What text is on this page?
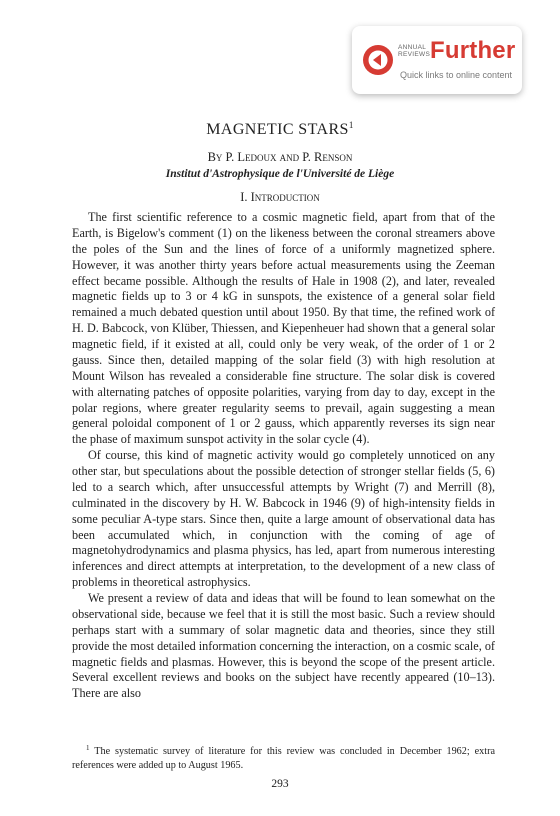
ANNUAL
REVIEWS Further
Quick links to online content
MAGNETIC STARS$^1$
By P. Ledoux and P. Renson
Institut d'Astrophysique de l'Université de Liège
I. Introduction

The first scientific reference to a cosmic magnetic field, apart from that of the Earth, is Bigelow's comment (1) on the likeness between the coronal streamers above the poles of the Sun and the lines of force of a uniformly magnetized sphere. However, it was another thirty years before actual measurements using the Zeeman effect became possible. Although the results of Hale in 1908 (2), and later, revealed magnetic fields up to 3 or 4 kG in sunspots, the existence of a general solar field remained a much debated question until about 1950. By that time, the refined work of H. D. Babcock, von Klüber, Thiessen, and Kiepenheuer had shown that a general solar magnetic field, if it existed at all, could only be very weak, of the order of 1 or 2 gauss. Since then, detailed mapping of the solar field (3) with high resolution at Mount Wilson has revealed a considerable fine structure. The solar disk is covered with alternating patches of opposite polarities, varying from day to day, except in the polar regions, where greater regularity seems to prevail, again suggesting a mean general poloidal component of 1 or 2 gauss, which apparently reverses its sign near the phase of maximum sunspot activity in the solar cycle (4).

Of course, this kind of magnetic activity would go completely unnoticed on any other star, but speculations about the possible detection of stronger stellar fields (5, 6) led to a search which, after unsuccessful attempts by Wright (7) and Merrill (8), culminated in the discovery by H. W. Babcock in 1946 (9) of high-intensity fields in some peculiar A-type stars. Since then, quite a large amount of observational data has been accumulated which, in conjunction with the coming of age of magnetohydrodynamics and plasma physics, has led, apart from numerous interesting inferences and direct attempts at interpretation, to the development of a new class of problems in theoretical astrophysics.

We present a review of data and ideas that will be found to lean somewhat on the observational side, because we feel that it is still the most basic. Such a review should perhaps start with a summary of solar magnetic data and theories, since they still provide the most detailed information concerning the interaction, on a cosmic scale, of magnetic fields and plasmas. However, this is beyond the scope of the present article. Several excellent reviews and books on the subject have recently appeared (10–13). There are also

$^1$ The systematic survey of literature for this review was concluded in December 1962; extra references were added up to August 1965.
293
